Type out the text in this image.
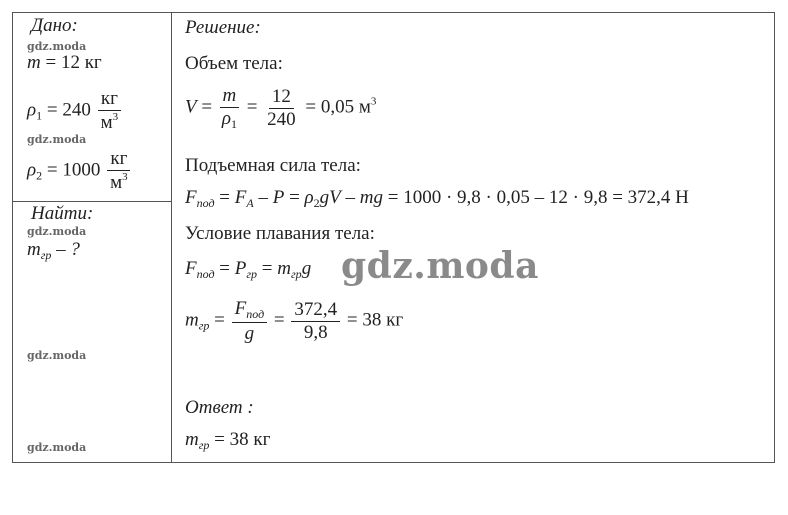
Дано:
gdz.moda
m = 12 кг
$\rho_1 = 240 \frac{кг}{м^3}$
gdz.moda
$\rho_2 = 1000 \frac{кг}{м^3}$
Найти:
gdz.moda
$m_{гр}$ – ?
gdz.moda
gdz.moda
Решение:
Объем тела:
$V = \frac{m}{\rho_1} = \frac{12}{240} = 0,05$ $м^3$
Подъемная сила тела:
$F_{под} = F_A - P = \rho_2gV$ – mg = 1000 · 9,8 · 0,05 – 12 · 9,8 = 372,4 Н
Условие плавания тела:
$F_{под} = P_{гр} = m_{гр}g$ gdz.moda
$m_{гр} = \frac{F_{под}}{g} = \frac{372,4}{9,8} = 38$ кг
Ответ :
$m_{гр} = 38$ кг
